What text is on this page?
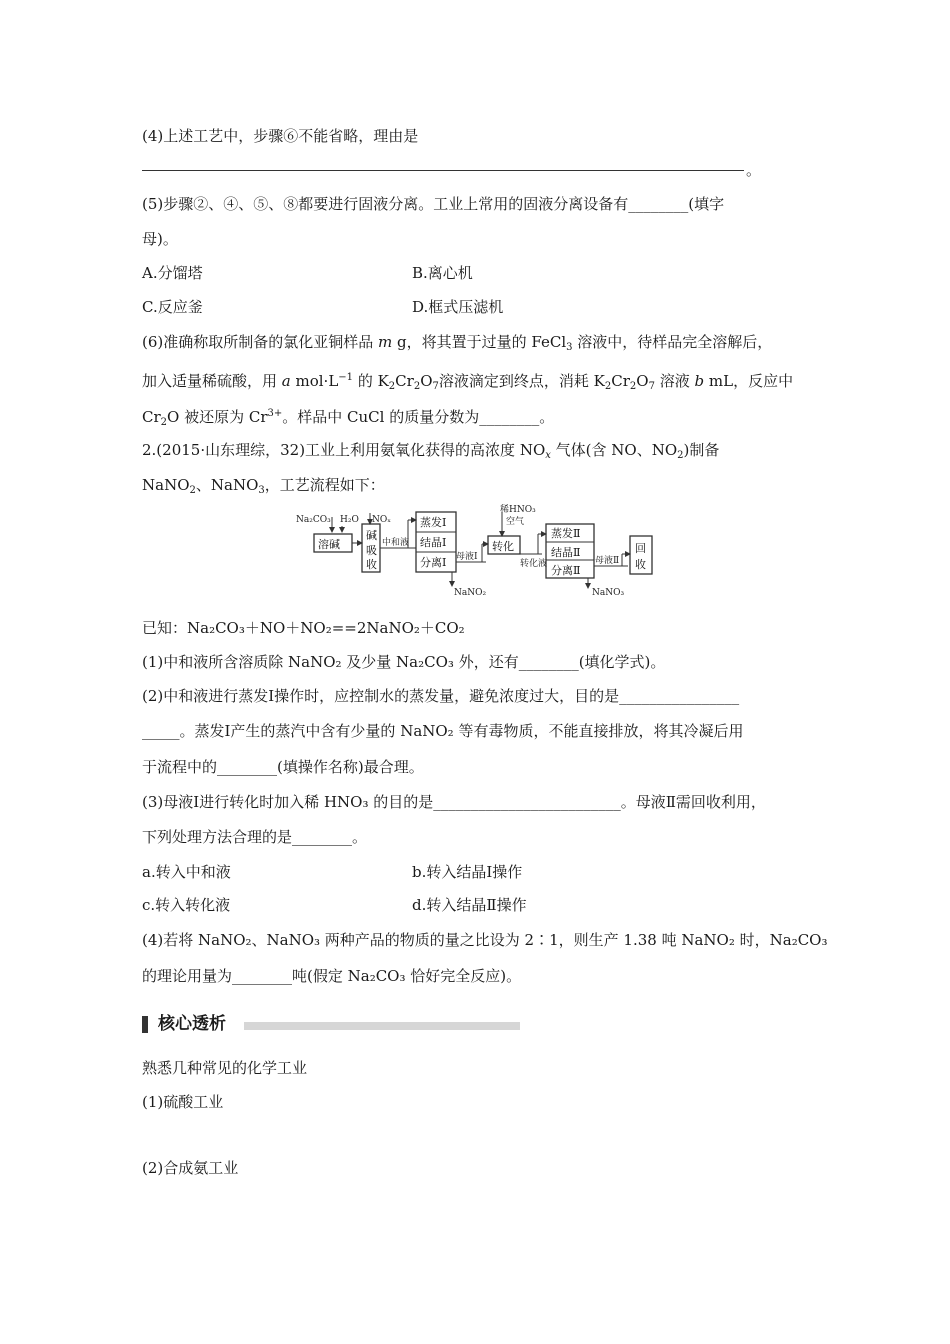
(4)上述工艺中，步骤⑥不能省略，理由是
。
(5)步骤②、④、⑤、⑧都要进行固液分离。工业上常用的固液分离设备有________(填字
母)。
A.分馏塔	B.离心机
C.反应釜	D.框式压滤机
(6)准确称取所制备的氯化亚铜样品 m g，将其置于过量的 FeCl$_3$ 溶液中，待样品完全溶解后，
加入适量稀硫酸，用 a $mol\cdot L^{-1}$ 的 $K_2Cr_2O_7$溶液滴定到终点，消耗 $K_2Cr_2O_7$ 溶液 b mL，反应中
$Cr_2O$ 被还原为 $Cr^{3+}$。样品中 CuCl 的质量分数为________。
2.(2015·山东理综，32)工业上利用氨氧化获得的高浓度 $NO_x$ 气体(含 NO、$NO_2$)制备
NaNO$_2$、NaNO$_3$，工艺流程如下：
Na₂CO₃ H₂O NOₓ
溶碱
碱
吸
收
蒸发Ⅰ
结晶Ⅰ
分离Ⅰ
转化
蒸发Ⅱ
结晶Ⅱ
分离Ⅱ
回
收
中和液
母液Ⅰ
稀HNO₃
空气
转化液	母液Ⅱ
NaNO₂	NaNO₃
已知：Na₂CO₃＋NO＋NO₂==2NaNO₂＋CO₂
(1)中和液所含溶质除 NaNO₂ 及少量 Na₂CO₃ 外，还有________(填化学式)。
(2)中和液进行蒸发Ⅰ操作时，应控制水的蒸发量，避免浓度过大，目的是________________
_____。蒸发Ⅰ产生的蒸汽中含有少量的 NaNO₂ 等有毒物质，不能直接排放，将其冷凝后用
于流程中的________(填操作名称)最合理。
(3)母液Ⅰ进行转化时加入稀 HNO₃ 的目的是_________________________。母液Ⅱ需回收利用，
下列处理方法合理的是________。
a.转入中和液	b.转入结晶Ⅰ操作
c.转入转化液	d.转入结晶Ⅱ操作
(4)若将 NaNO₂、NaNO₃ 两种产品的物质的量之比设为 2∶1，则生产 1.38 吨 NaNO₂ 时，Na₂CO₃
的理论用量为________吨(假定 Na₂CO₃ 恰好完全反应)。
核心透析
熟悉几种常见的化学工业
(1)硫酸工业
(2)合成氨工业
